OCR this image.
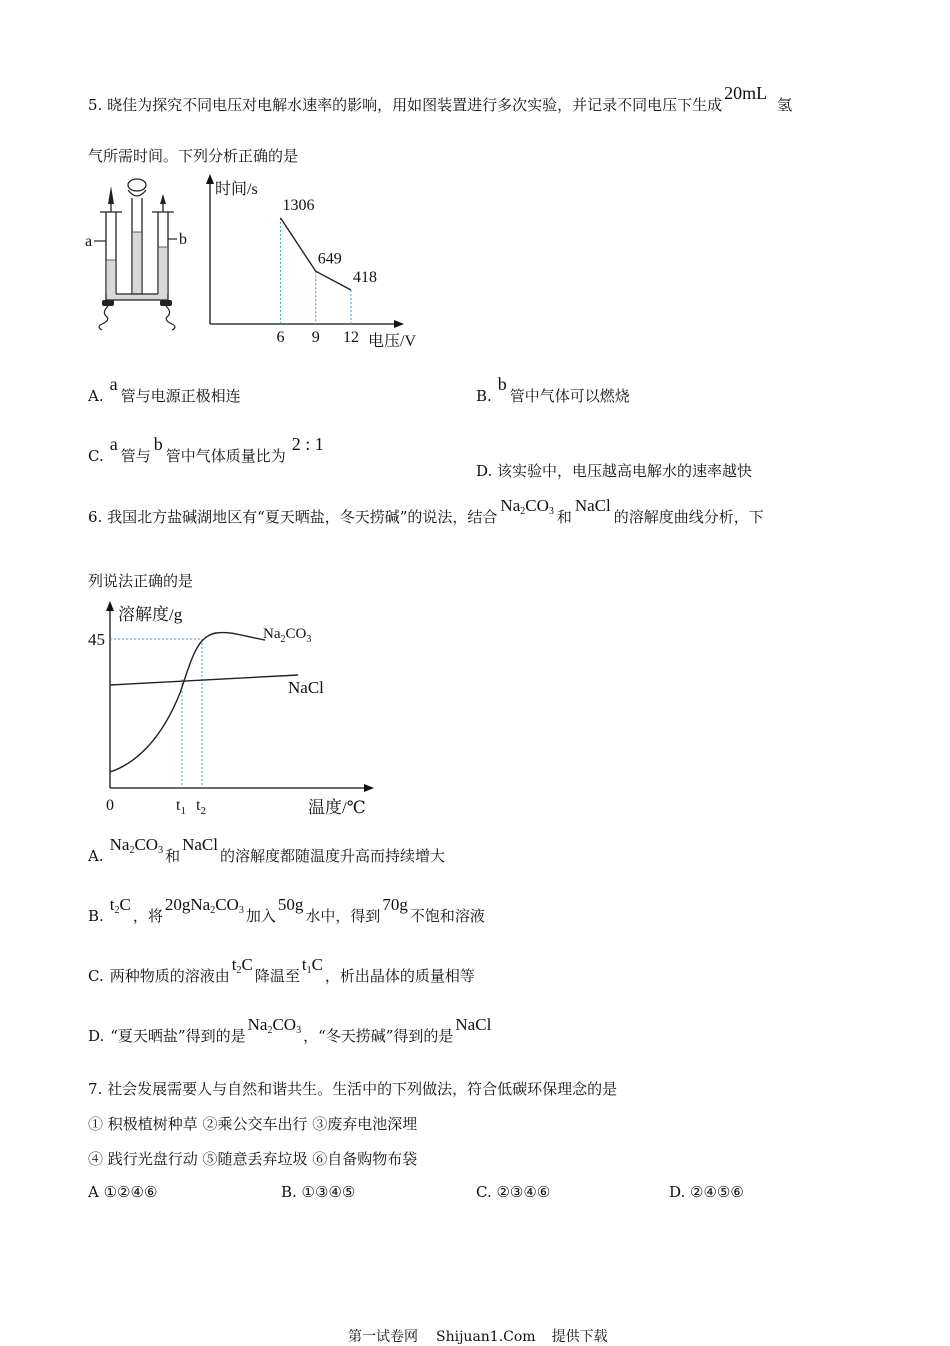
5. 晓佳为探究不同电压对电解水速率的影响，用如图装置进行多次实验，并记录不同电压下生成20mL氢
气所需时间。下列分析正确的是
a	b
时间/s
电压/V
1306
649
418
6 9 12
A.a管与电源正极相连	B.b管中气体可以燃烧
C.a管与b管中气体质量比为2 : 1
D. 该实验中，电压越高电解水的速率越快
6. 我国北方盐碱湖地区有“夏天晒盐，冬天捞碱”的说法，结合$Na_2CO_3$ 和NaCl的溶解度曲线分析，下
列说法正确的是
溶解度/g
温度/℃
0
45	$Na_2CO_3$
NaCl
$t_1$ $t_2$
$A.Na_2CO_3$ 和NaCl的溶解度都随温度升高而持续增大
$B.t_2C$，将$20gNa_2CO_3$ 加入50g水中，得到70g不饱和溶液
C. 两种物质的溶液由$t_2C$降温至$t_1C$，析出晶体的质量相等
D. “夏天晒盐”得到的是$Na_2CO_3$ ，“冬天捞碱”得到的是NaCl
7. 社会发展需要人与自然和谐共生。生活中的下列做法，符合低碳环保理念的是
① 积极植树种草 ②乘公交车出行 ③废弃电池深埋
④ 践行光盘行动 ⑤随意丢弃垃圾 ⑥自备购物布袋
A ①②④⑥	B. ①③④⑤	C. ②③④⑥	D. ②④⑤⑥
第一试卷网 Shijuan1.Com 提供下载
